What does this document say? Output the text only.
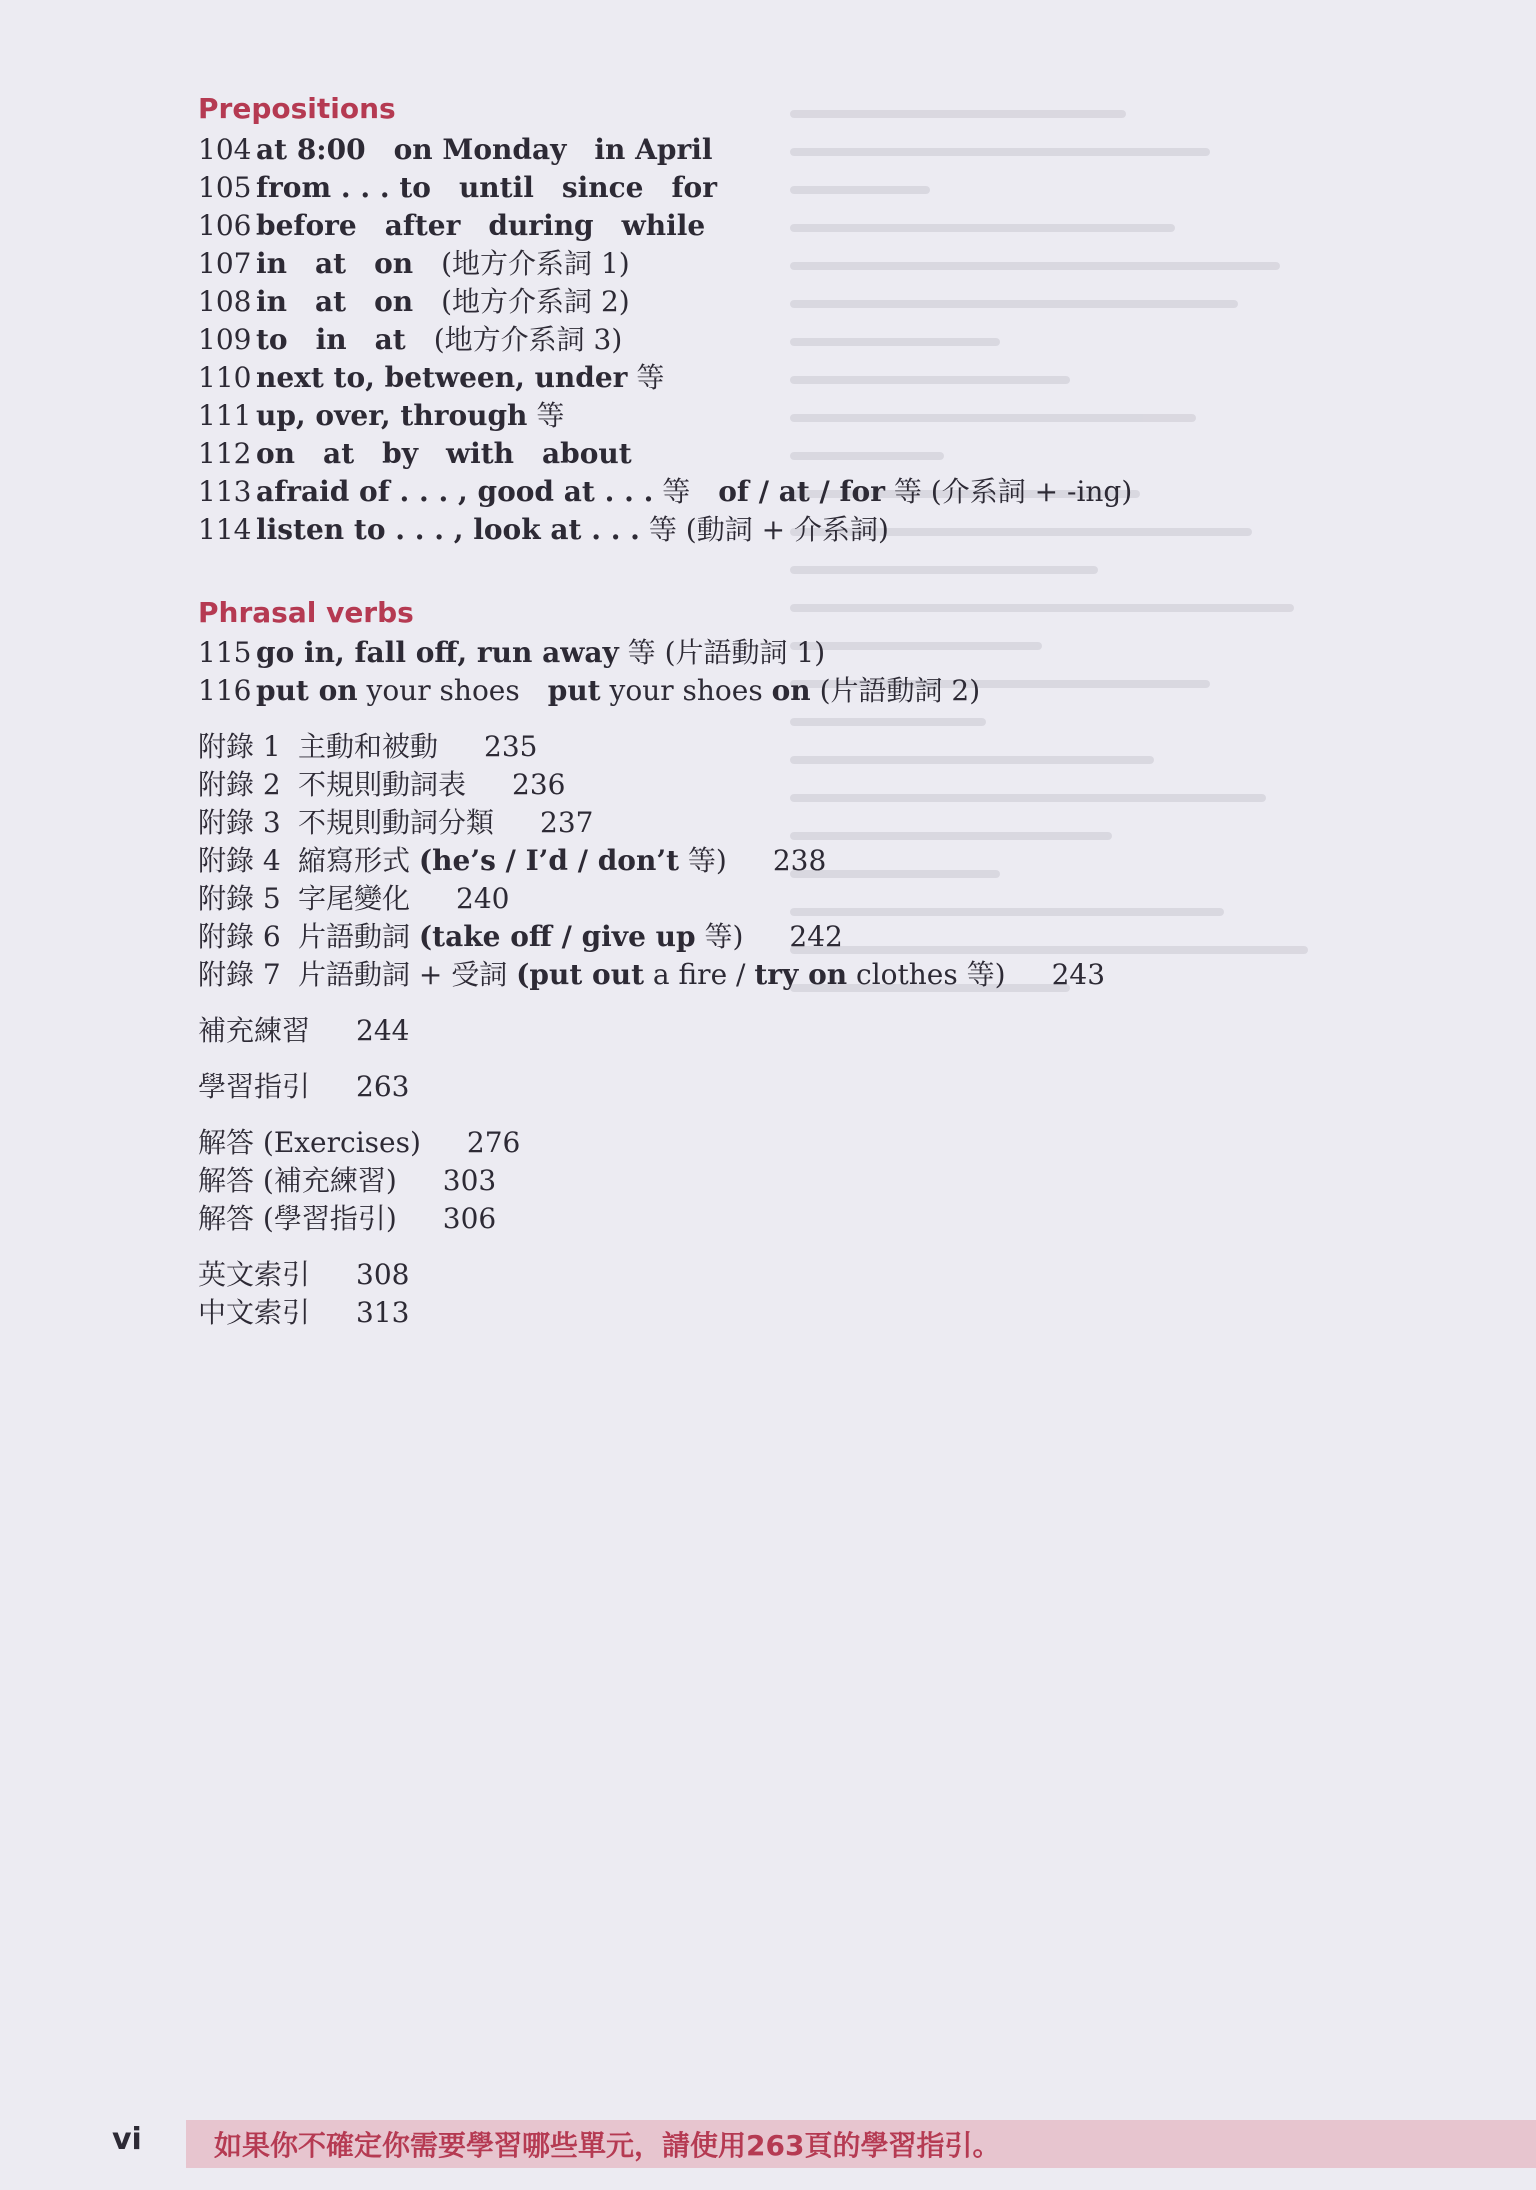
Prepositions
104 at 8:00 on Monday in April
105 from . . . to until since for
106 before after during while
107 in at on (地方介系詞 1)
108 in at on (地方介系詞 2)
109 to in at (地方介系詞 3)
110 next to, between, under 等
111 up, over, through 等
112 on at by with about
113 afraid of . . . , good at . . . 等 of / at / for 等 (介系詞 + -ing)
114 listen to . . . , look at . . . 等 (動詞 + 介系詞)
Phrasal verbs
115 go in, fall off, run away 等 (片語動詞 1)
116 put on your shoes put your shoes on (片語動詞 2)
附錄 1 主動和被動 235
附錄 2 不規則動詞表 236
附錄 3 不規則動詞分類 237
附錄 4 縮寫形式 (he’s / I’d / don’t 等) 238
附錄 5 字尾變化 240
附錄 6 片語動詞 (take off / give up 等) 242
附錄 7 片語動詞 + 受詞 (put out a fire / try on clothes 等) 243
補充練習 244
學習指引 263
解答 (Exercises) 276
解答 (補充練習) 303
解答 (學習指引) 306
英文索引 308
中文索引 313
vi	如果你不確定你需要學習哪些單元，請使用263頁的學習指引。
